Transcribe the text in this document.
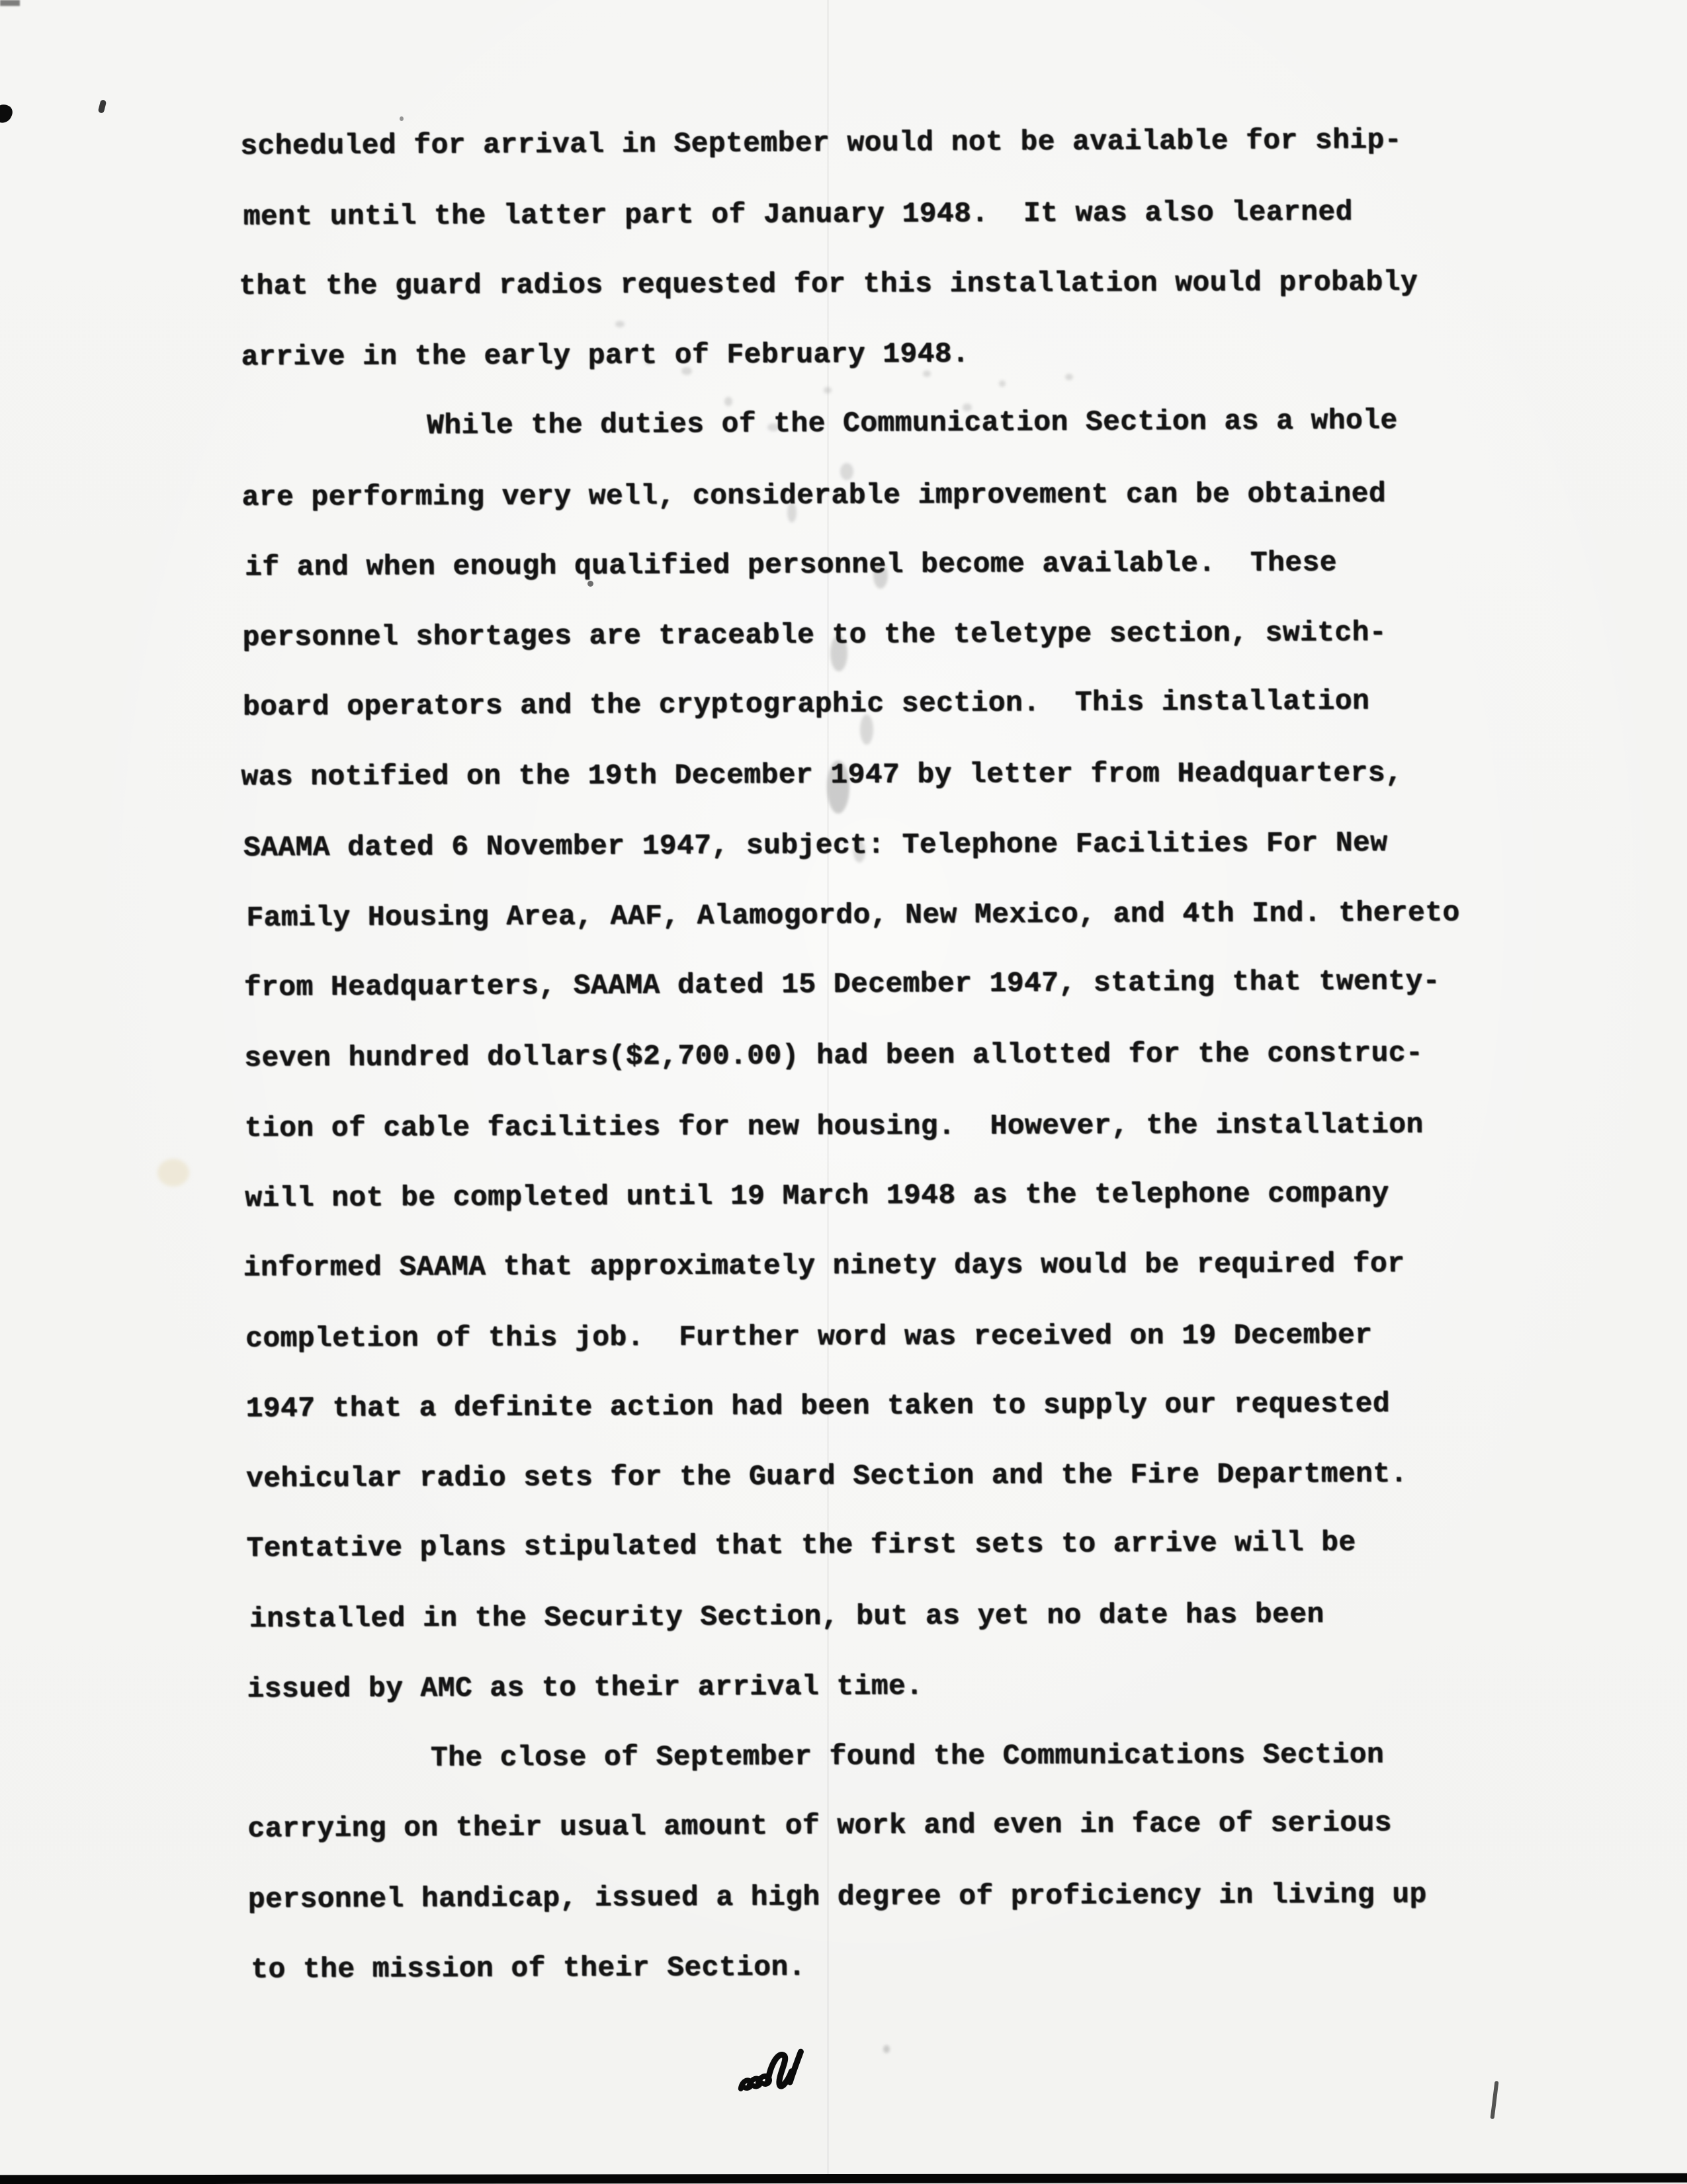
scheduled for arrival in September would not be available for ship-
ment until the latter part of January 1948.  It was also learned
that the guard radios requested for this installation would probably
arrive in the early part of February 1948.
While the duties of the Communication Section as a whole
are performing very well, considerable improvement can be obtained
if and when enough qualified personnel become available.  These
personnel shortages are traceable to the teletype section, switch-
board operators and the cryptographic section.  This installation
was notified on the 19th December 1947 by letter from Headquarters,
SAAMA dated 6 November 1947, subject: Telephone Facilities For New
Family Housing Area, AAF, Alamogordo, New Mexico, and 4th Ind. thereto
from Headquarters, SAAMA dated 15 December 1947, stating that twenty-
seven hundred dollars($2,700.00) had been allotted for the construc-
tion of cable facilities for new housing.  However, the installation
will not be completed until 19 March 1948 as the telephone company
informed SAAMA that approximately ninety days would be required for
completion of this job.  Further word was received on 19 December
1947 that a definite action had been taken to supply our requested
vehicular radio sets for the Guard Section and the Fire Department.
Tentative plans stipulated that the first sets to arrive will be
installed in the Security Section, but as yet no date has been
issued by AMC as to their arrival time.
The close of September found the Communications Section
carrying on their usual amount of work and even in face of serious
personnel handicap, issued a high degree of proficiency in living up
to the mission of their Section.
